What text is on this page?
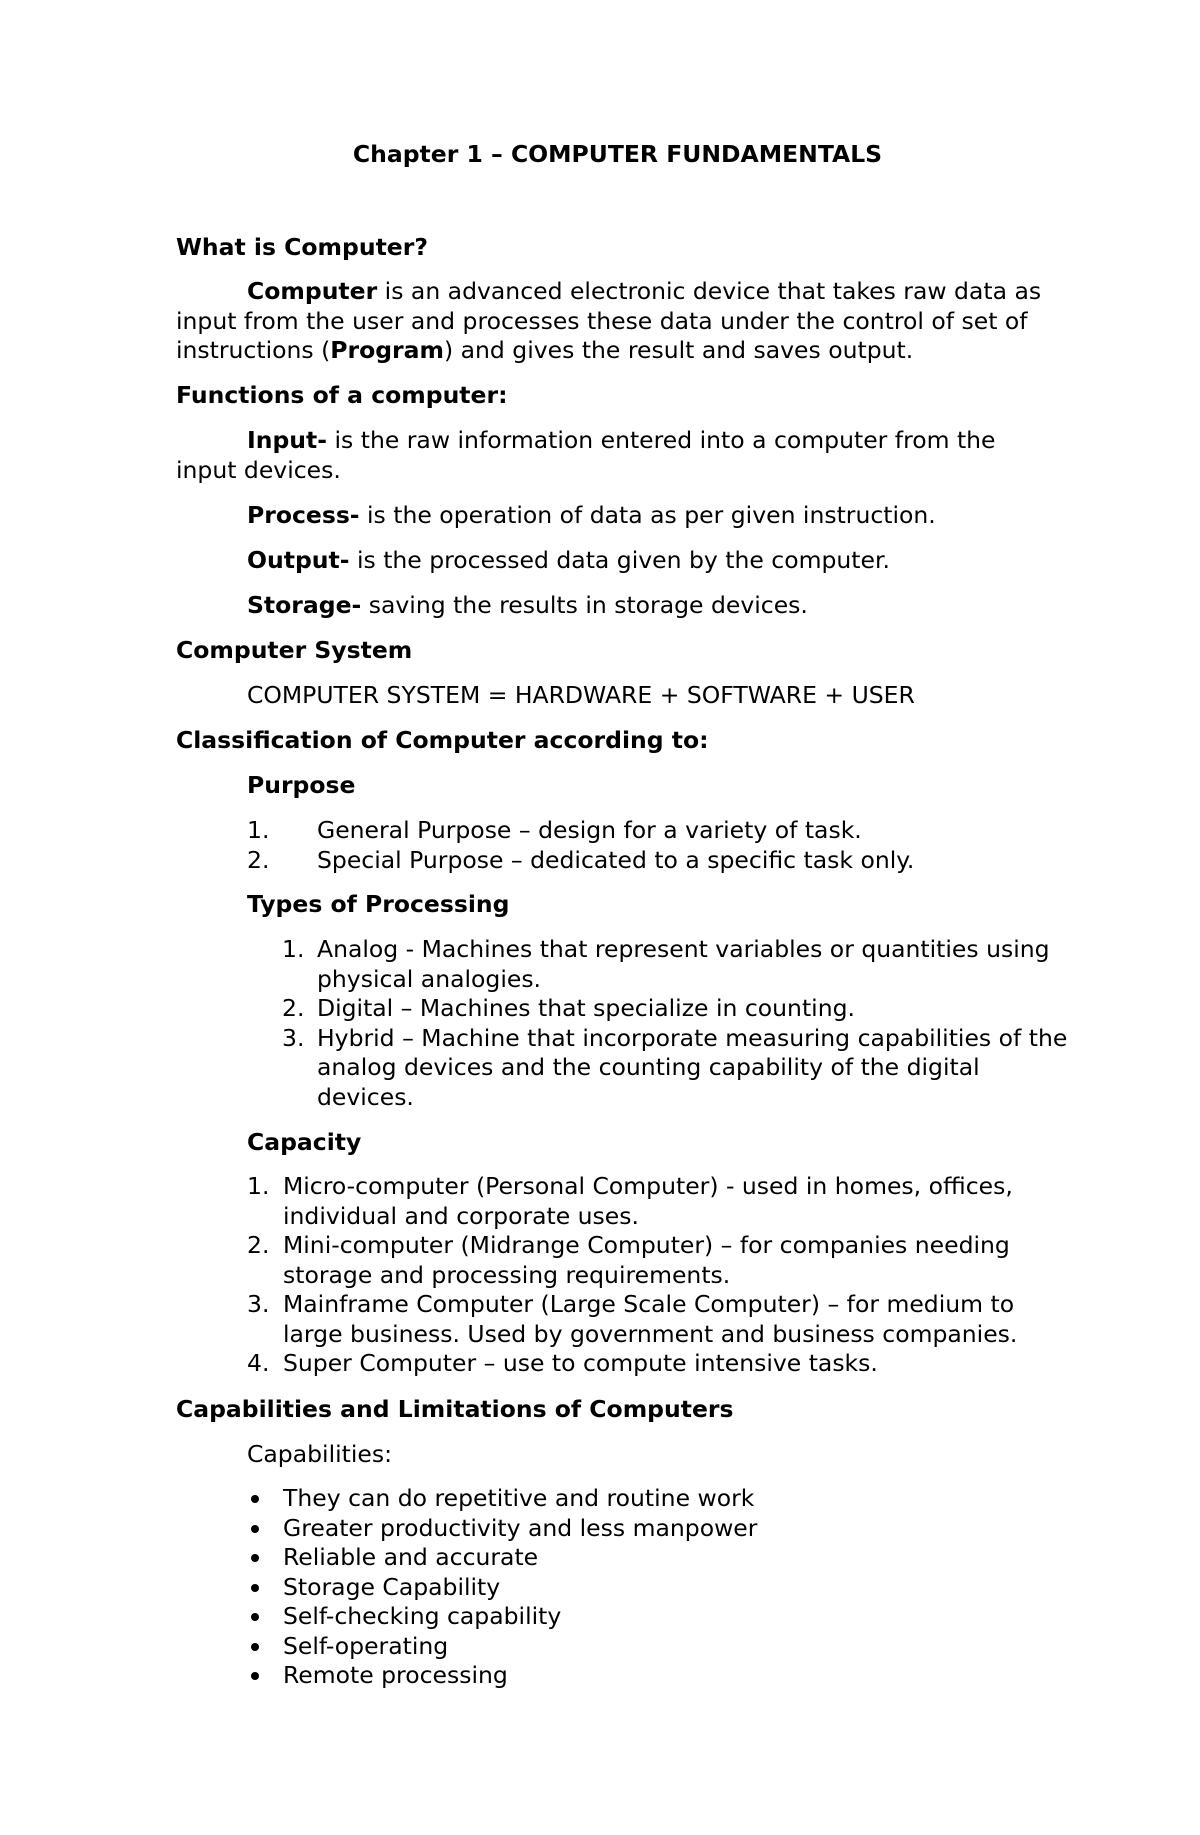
Chapter 1 – COMPUTER FUNDAMENTALS
What is Computer?
Computer is an advanced electronic device that takes raw data as input from the user and processes these data under the control of set of instructions (Program) and gives the result and saves output.
Functions of a computer:
Input- is the raw information entered into a computer from the input devices.
Process- is the operation of data as per given instruction.
Output- is the processed data given by the computer.
Storage- saving the results in storage devices.
Computer System
COMPUTER SYSTEM = HARDWARE + SOFTWARE + USER
Classification of Computer according to:
Purpose
1. General Purpose – design for a variety of task.
2. Special Purpose – dedicated to a specific task only.
Types of Processing
1. Analog - Machines that represent variables or quantities using physical analogies.
2. Digital – Machines that specialize in counting.
3. Hybrid – Machine that incorporate measuring capabilities of the analog devices and the counting capability of the digital devices.
Capacity
1. Micro-computer (Personal Computer) - used in homes, offices, individual and corporate uses.
2. Mini-computer (Midrange Computer) – for companies needing storage and processing requirements.
3. Mainframe Computer (Large Scale Computer) – for medium to large business. Used by government and business companies.
4. Super Computer – use to compute intensive tasks.
Capabilities and Limitations of Computers
Capabilities:
They can do repetitive and routine work
Greater productivity and less manpower
Reliable and accurate
Storage Capability
Self-checking capability
Self-operating
Remote processing
